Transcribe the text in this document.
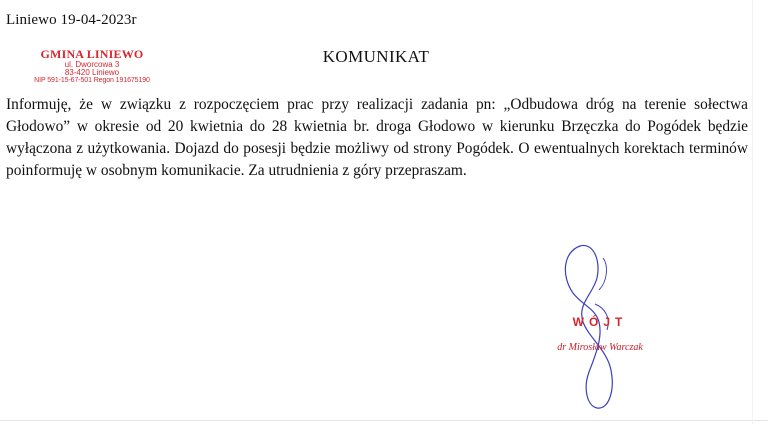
Liniewo 19-04-2023r
GMINA LINIEWO
ul. Dworcowa 3
83-420 Liniewo
NIP 591-15-67-501 Regon 191675190
KOMUNIKAT
Informuję, że w związku z rozpoczęciem prac przy realizacji zadania pn: „Odbudowa dróg na terenie sołectwa Głodowo” w okresie od 20 kwietnia do 28 kwietnia br. droga Głodowo w kierunku Brzęczka do Pogódek będzie wyłączona z użytkowania. Dojazd do posesji będzie możliwy od strony Pogódek. O ewentualnych korektach terminów poinformuję w osobnym komunikacie. Za utrudnienia z góry przepraszam.
WÓJT
dr Mirosław Warczak
